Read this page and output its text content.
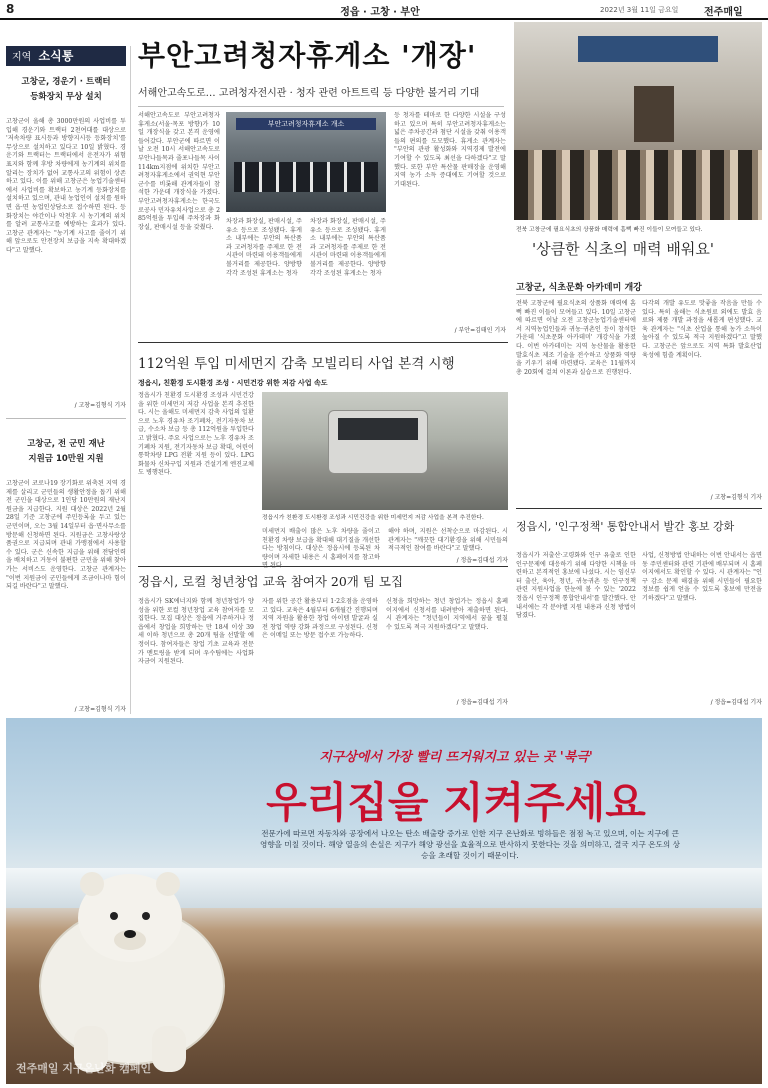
8	정읍 · 고창 · 부안	2022년 3월 11일 금요일	전주매일
지역 소식통
고창군, 경운기 · 트랙터
등화장치 무상 설치
고창군이 올해 총 3000만원의 사업비를 투입해 경운기와 트랙터 2천여대를 대상으로 '저속차량 표시등과 방향지시등 등화장치'를 무상으로 설치하고 있다고 10일 밝혔다. 경운기와 트랙터는 트랙터에서 운전자가 위험 표지와 함께 후방 차량에게 농기계의 위치를 알리는 장치가 없어 교통사고의 위험이 상존하고 있다. 이를 위해 고창군은 농업기술센터에서 사업비를 확보하고 농기계 등화장치를 설치하고 있으며, 관내 농업인이 설치를 원하면 읍·면 농업인상담소로 접수하면 된다. 등화장치는 야간이나 악천후 시 농기계의 위치를 알려 교통사고를 예방하는 효과가 있다. 고창군 관계자는 "농기계 사고를 줄이기 위해 앞으로도 안전장치 보급을 지속 확대하겠다"고 말했다.
/ 고창=김형식 기자
고창군, 전 군민 재난
지원금 10만원 지원
고창군이 코로나19 장기화로 위축된 지역 경제를 살리고 군민들의 생활안정을 돕기 위해 전 군민을 대상으로 1인당 10만원의 재난지원금을 지급한다. 지원 대상은 2022년 2월 28일 기준 고창군에 주민등록을 두고 있는 군민이며, 오는 3월 14일부터 읍·면사무소를 방문해 신청하면 된다. 지원금은 고창사랑상품권으로 지급되며 관내 가맹점에서 사용할 수 있다. 군은 신속한 지급을 위해 전담인력을 배치하고 거동이 불편한 군민을 위해 찾아가는 서비스도 운영한다. 고창군 관계자는 "이번 지원금이 군민들에게 조금이나마 힘이 되길 바란다"고 말했다.
/ 고창=김형식 기자
부안고려청자휴게소 '개장'
서해안고속도로… 고려청자전시관 · 청자 관련 아트트릭 등 다양한 볼거리 기대
서해안고속도로 부안고려청자휴게소(서울·목포 방향)가 10일 개장식을 갖고 본격 운영에 들어갔다. 부안군에 따르면 이날 오전 10시 서해안고속도로 부안나들목과 줄포나들목 사이 114km지점에 위치한 부안고려청자휴게소에서 권익현 부안군수를 비롯해 관계자들이 참석한 가운데 개장식을 가졌다. 부안고려청자휴게소는 한국도로공사 민자유치사업으로 총 285억원을 투입해 주차장과 화장실, 판매시설 등을 갖췄다.
부안고려청자휴게소 개소
차장과 화장실, 판매시설, 주유소 등으로 조성됐다. 휴게소 내부에는 부안의 특산품과 고려청자를 주제로 한 전시관이 마련돼 이용객들에게 볼거리를 제공한다. 양방향 각각 조성된 휴게소는 청자
차장과 화장실, 판매시설, 주유소 등으로 조성됐다. 휴게소 내부에는 부안의 특산품과 고려청자를 주제로 한 전시관이 마련돼 이용객들에게 볼거리를 제공한다. 양방향 각각 조성된 휴게소는 청자
등 청자를 테마로 한 다양한 시설을 구성하고 있으며 특히 부안고려청자휴게소는 넓은 주차공간과 첨단 시설을 갖춰 이용객들의 편의를 도모했다. 휴게소 관계자는 "부안의 관광 활성화와 지역경제 발전에 기여할 수 있도록 최선을 다하겠다"고 말했다. 또한 부안 특산물 판매장을 운영해 지역 농가 소득 증대에도 기여할 것으로 기대된다.
/ 부안=김태인 기자
전북 고창군에 필요식초의 상품화 매력에 흠뻑 빠진 이들이 모여들고 있다.
'상큼한 식초의 매력 배워요'
고창군, 식초문화 아카데미 개강
전북 고창군에 필요식초의 상품화 매력에 흠뻑 빠진 이들이 모여들고 있다. 10일 고창군에 따르면 이날 오전 고창군농업기술센터에서 지역농업인들과 귀농·귀촌인 등이 참석한 가운데 '식초문화 아카데미' 개강식을 가졌다. 이번 아카데미는 지역 농산물을 활용한 발효식초 제조 기술을 전수하고 상품화 역량을 키우기 위해 마련됐다. 교육은 11월까지 총 20회에 걸쳐 이론과 실습으로 진행된다.
다각의 개발 유도로 맛좋을 작음을 만들 수 있다. 특히 올해는 식초원료 외에도 발효 음료와 제품 개발 과정을 새롭게 편성했다. 교육 관계자는 "식초 산업을 통해 농가 소득이 높아질 수 있도록 적극 지원하겠다"고 말했다. 고창군은 앞으로도 지역 특화 발효산업 육성에 힘쓸 계획이다.
/ 고창=김형식 기자
112억원 투입 미세먼지 감축 모빌리티 사업 본격 시행
정읍시, 친환경 도시환경 조성 · 시민건강 위한 저감 사업 속도
정읍시가 친환경 도시환경 조성과 시민건강을 위한 미세먼지 저감 사업을 본격 추진한다. 시는 올해도 미세먼지 감축 사업의 일환으로 노후 경유차 조기폐차, 전기자동차 보급, 수소차 보급 등 총 112억원을 투입한다고 밝혔다. 주요 사업으로는 노후 경유차 조기폐차 지원, 전기자동차 보급 확대, 어린이 통학차량 LPG 전환 지원 등이 있다. LPG 화물차 신차구입 지원과 건설기계 엔진교체도 병행된다.
정읍시가 친환경 도시환경 조성과 시민건강을 위한 미세먼지 저감 사업을 본격 추진한다.
미세먼지 배출이 많은 노후 차량을 줄이고 친환경 차량 보급을 확대해 대기질을 개선한다는 방침이다. 대상은 정읍시에 등록된 차량이며 자세한 내용은 시 홈페이지를 참고하
해야 하며, 지원은 선착순으로 마감된다. 시 관계자는 "깨끗한 대기환경을 위해 시민들의 적극적인 참여를 바란다"고 말했다.
/ 정읍=김대섭 기자
정읍시, 로컬 청년창업 교육 참여자 20개 팀 모집
정읍시가 SK에너지와 함께 청년창업가 양성을 위한 로컬 청년창업 교육 참여자를 모집한다. 모집 대상은 정읍에 거주하거나 정읍에서 창업을 희망하는 만 18세 이상 39세 이하 청년으로 총 20개 팀을 선발할 예정이다. 참여자들은 창업 기초 교육과 전문가 멘토링을 받게 되며 우수팀에는 사업화 자금이 지원된다.
자를 위한 공간 활용부터 1·2호점을 운영하고 있다. 교육은 4월부터 6개월간 진행되며 지역 자원을 활용한 창업 아이템 발굴과 실전 창업 역량 강화 과정으로 구성된다. 신청은 이메일 또는 방문 접수로 가능하다.
신청을 희망하는 청년 창업가는 정읍시 홈페이지에서 신청서를 내려받아 제출하면 된다. 시 관계자는 "청년들이 지역에서 꿈을 펼칠 수 있도록 적극 지원하겠다"고 말했다.
/ 정읍=김대섭 기자
정읍시, '인구정책' 통합안내서 발간 홍보 강화
정읍시가 저출산·고령화와 인구 유출로 인한 인구문제에 대응하기 위해 다양한 시책을 마련하고 본격적인 홍보에 나섰다. 시는 임신부터 출산, 육아, 청년, 귀농귀촌 등 인구정책 관련 지원사업을 한눈에 볼 수 있는 '2022 정읍시 인구정책 통합안내서'를 발간했다. 안내서에는 각 분야별 지원 내용과 신청 방법이 담겼다.
사업, 신청방법 안내하는 이번 안내서는 읍면동 주민센터와 관련 기관에 배부되며 시 홈페이지에서도 확인할 수 있다. 시 관계자는 "인구 감소 문제 해결을 위해 시민들이 필요한 정보를 쉽게 얻을 수 있도록 홍보에 만전을 기하겠다"고 말했다.
/ 정읍=김대섭 기자
지구상에서 가장 빨리 뜨거워지고 있는 곳 '북극'
우리집을 지켜주세요
전문가에 따르면 자동차와 공장에서 나오는 탄소 배출량 증가로 인한 지구 온난화로 빙하들은 점점 녹고 있으며, 이는 지구에 큰 영향을 미칠 것이다. 해양 열음의 손실은 지구가 해양 광선을 효율적으로 반사하지 못한다는 것을 의미하고, 결국 지구 온도의 상승을 초래할 것이기 때문이다.
전주매일 지구온난화 캠페인
